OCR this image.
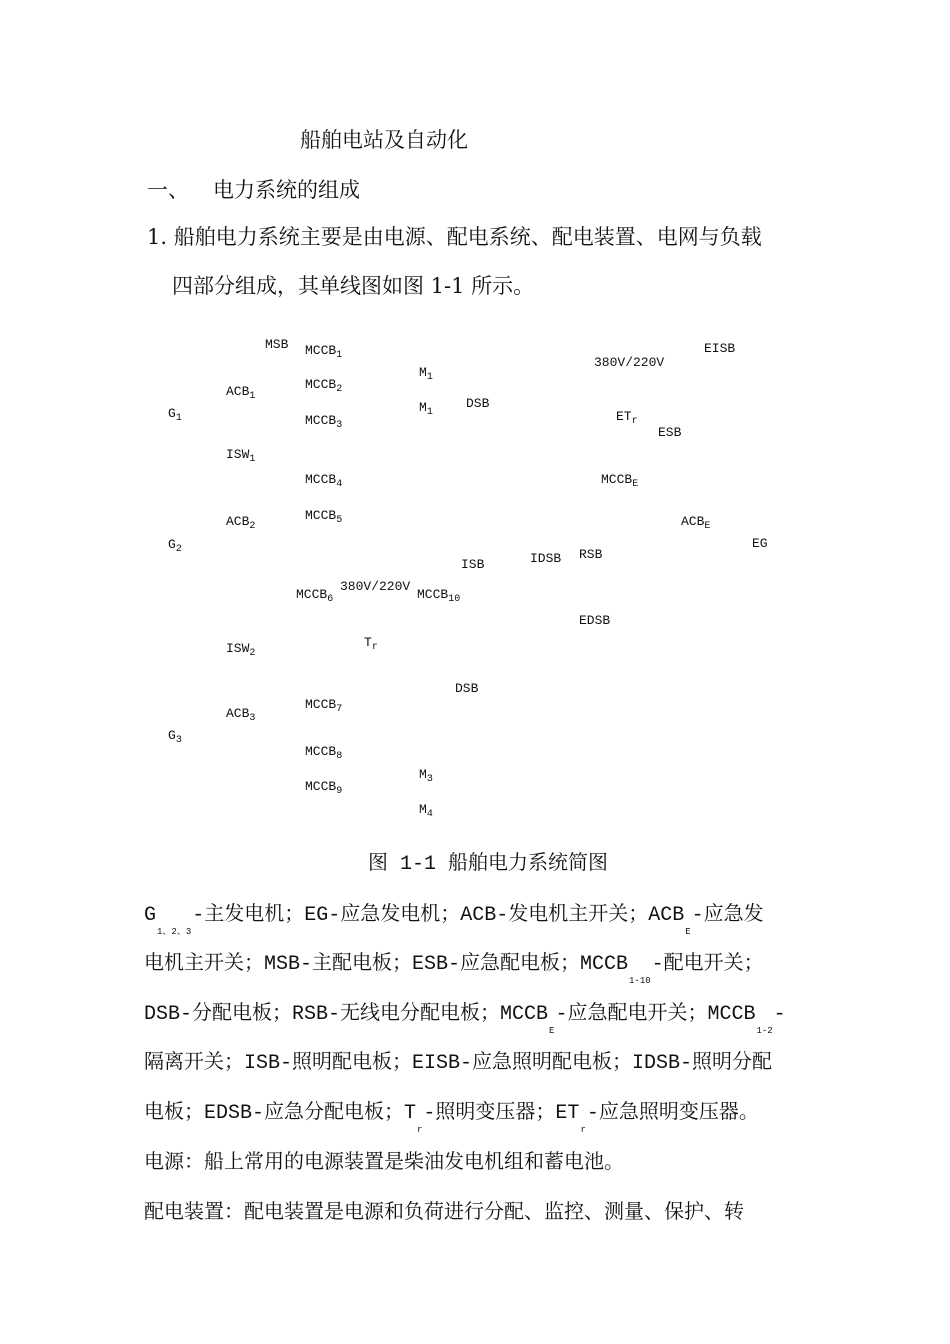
船舶电站及自动化
一、 电力系统的组成
1. 船舶电力系统主要是由电源、配电系统、配电装置、电网与负载
四部分组成，其单线图如图 1-1 所示。
MSB $MCCB_1$
$MCCB_2$
$MCCB_3$
$ACB_1$
$G_1$
$M_1$
$M_1$
DSB
380V/220V
EISB
$ET_r$
ESB
$ISW_1$
$MCCB_4$	$MCCB_E$
$MCCB_5$
$ACB_2$	$ACB_E$
$G_2$	EG
IDSB RSB
ISB
380V/220V
$MCCB_6$	$MCCB_{10}$
EDSB
$T_r$
$ISW_2$
DSB
$MCCB_7$
$ACB_3$
$G_3$
$MCCB_8$
$M_3$
$MCCB_9$
$M_4$
图 1-1 船舶电力系统简图
$G_{1、2、3}-$主发电机；EG-应急发电机；ACB-发电机主开关；$ACB_E-$应急发
电机主开关；MSB-主配电板；ESB-应急配电板；$MCCB_{1-10}-$配电开关；
DSB-分配电板；RSB-无线电分配电板；$MCCB_E-$应急配电开关；$MCCB_{1-2}-$
隔离开关；ISB-照明配电板；EISB-应急照明配电板；IDSB-照明分配
电板；EDSB-应急分配电板；$T_r-$照明变压器；$ET_r-$应急照明变压器。
电源：船上常用的电源装置是柴油发电机组和蓄电池。
配电装置：配电装置是电源和负荷进行分配、监控、测量、保护、转
